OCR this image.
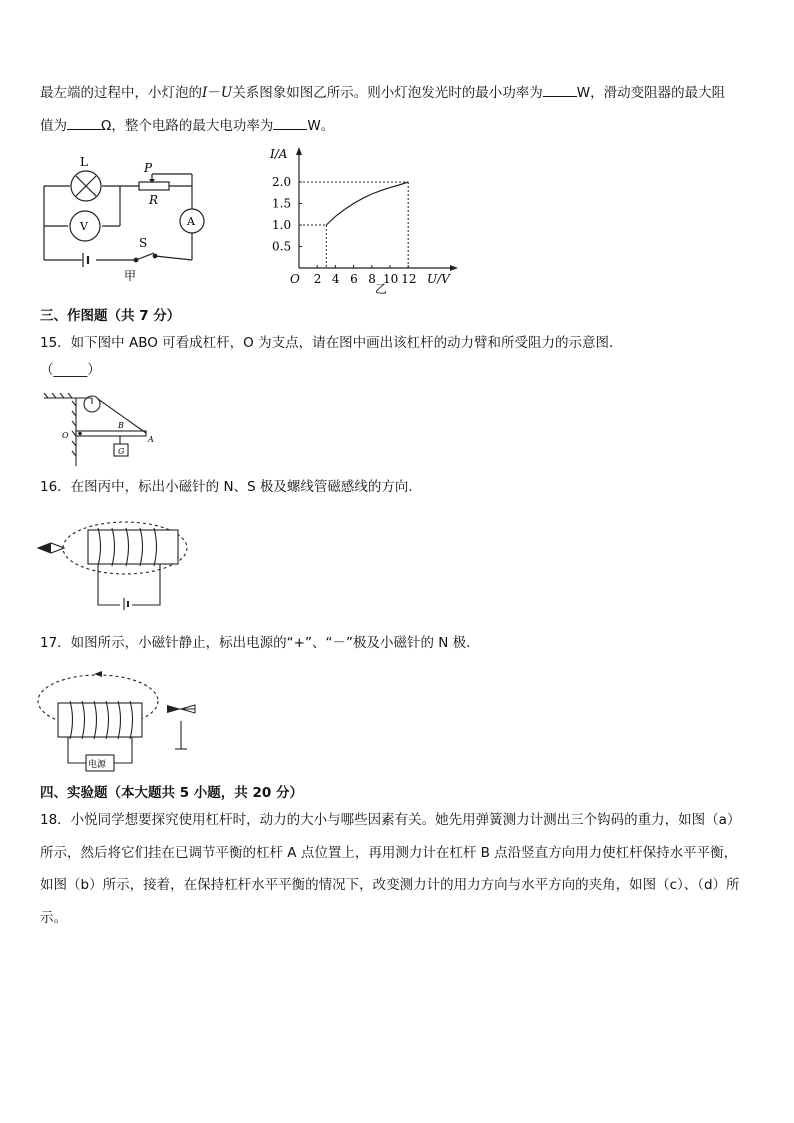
最左端的过程中，小灯泡的I－U关系图象如图乙所示。则小灯泡发光时的最小功率为	W，滑动变阻器的最大阻
值为	Ω，整个电路的最大电功率为	W。
L	P
R
V	A
S
甲
0.5
1.0
1.5
2.0
2 4 6 8 10 12
I/A
U/V
O
乙
三、作图题（共 7 分）
15．如下图中 ABO 可看成杠杆，O 为支点，请在图中画出该杠杆的动力臂和所受阻力的示意图．
（_____）
O
B
A
G
16．在图丙中，标出小磁针的 N、S 极及螺线管磁感线的方向.
17．如图所示，小磁针静止，标出电源的“+”、“－”极及小磁针的 N 极．
电源
四、实验题（本大题共 5 小题，共 20 分）
18．小悦同学想要探究使用杠杆时，动力的大小与哪些因素有关。她先用弹簧测力计测出三个钩码的重力，如图（a）
所示，然后将它们挂在已调节平衡的杠杆 A 点位置上，再用测力计在杠杆 B 点沿竖直方向用力使杠杆保持水平平衡，
如图（b）所示，接着，在保持杠杆水平平衡的情况下，改变测力计的用力方向与水平方向的夹角，如图（c）、（d）所
示。
